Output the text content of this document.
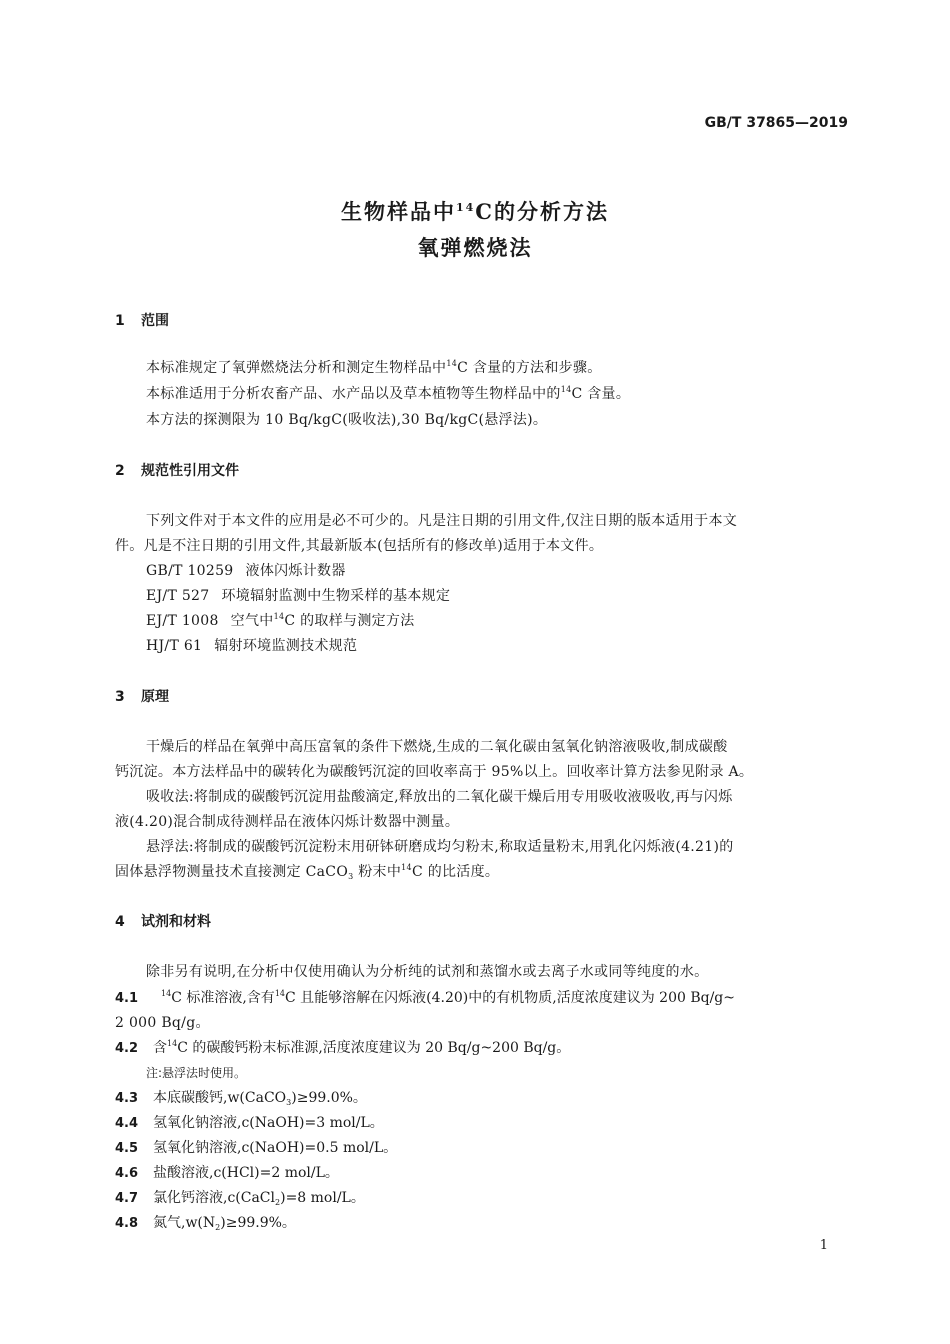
GB/T 37865—2019
生物样品中$^{14}$C的分析方法
氧弹燃烧法
1 范围
本标准规定了氧弹燃烧法分析和测定生物样品中$^{14}$C 含量的方法和步骤。
本标准适用于分析农畜产品、水产品以及草本植物等生物样品中的$^{14}$C 含量。
本方法的探测限为 10 Bq/kgC(吸收法),30 Bq/kgC(悬浮法)。
2 规范性引用文件
下列文件对于本文件的应用是必不可少的。凡是注日期的引用文件,仅注日期的版本适用于本文
件。凡是不注日期的引用文件,其最新版本(包括所有的修改单)适用于本文件。
GB/T 10259 液体闪烁计数器
EJ/T 527 环境辐射监测中生物采样的基本规定
EJ/T 1008 空气中$^{14}$C 的取样与测定方法
HJ/T 61 辐射环境监测技术规范
3 原理
干燥后的样品在氧弹中高压富氧的条件下燃烧,生成的二氧化碳由氢氧化钠溶液吸收,制成碳酸
钙沉淀。本方法样品中的碳转化为碳酸钙沉淀的回收率高于 95%以上。回收率计算方法参见附录 A。
吸收法:将制成的碳酸钙沉淀用盐酸滴定,释放出的二氧化碳干燥后用专用吸收液吸收,再与闪烁
液(4.20)混合制成待测样品在液体闪烁计数器中测量。
悬浮法:将制成的碳酸钙沉淀粉末用研钵研磨成均匀粉末,称取适量粉末,用乳化闪烁液(4.21)的
固体悬浮物测量技术直接测定 CaCO$_3$ 粉末中$^{14}$C 的比活度。
4 试剂和材料
除非另有说明,在分析中仅使用确认为分析纯的试剂和蒸馏水或去离子水或同等纯度的水。
4.1	$^{14}$C 标准溶液,含有$^{14}$C 且能够溶解在闪烁液(4.20)中的有机物质,活度浓度建议为 200 Bq/g~
2 000 Bq/g。
4.2 含$^{14}$C 的碳酸钙粉末标准源,活度浓度建议为 20 Bq/g~200 Bq/g。
注:悬浮法时使用。
4.3 本底碳酸钙,w(CaCO$_3$)≥99.0%。
4.4 氢氧化钠溶液,c(NaOH)=3 mol/L。
4.5 氢氧化钠溶液,c(NaOH)=0.5 mol/L。
4.6 盐酸溶液,c(HCl)=2 mol/L。
4.7 氯化钙溶液,c(CaCl$_2$)=8 mol/L。
4.8 氮气$,w(N_2)\ge 99.9\%$。
1
